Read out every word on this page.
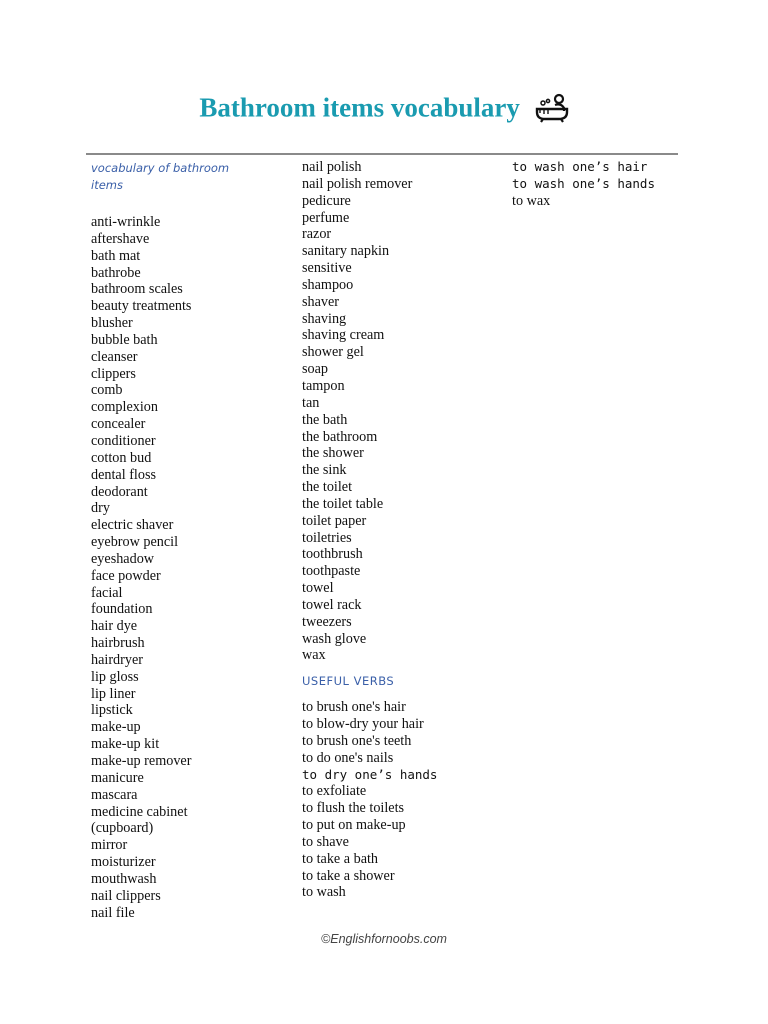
Bathroom items vocabulary
vocabulary of bathroom items
anti-wrinkle
aftershave
bath mat
bathrobe
bathroom scales
beauty treatments
blusher
bubble bath
cleanser
clippers
comb
complexion
concealer
conditioner
cotton bud
dental floss
deodorant
dry
electric shaver
eyebrow pencil
eyeshadow
face powder
facial
foundation
hair dye
hairbrush
hairdryer
lip gloss
lip liner
lipstick
make-up
make-up kit
make-up remover
manicure
mascara
medicine cabinet
(cupboard)
mirror
moisturizer
mouthwash
nail clippers
nail file
nail polish
nail polish remover
pedicure
perfume
razor
sanitary napkin
sensitive
shampoo
shaver
shaving
shaving cream
shower gel
soap
tampon
tan
the bath
the bathroom
the shower
the sink
the toilet
the toilet table
toilet paper
toiletries
toothbrush
toothpaste
towel
towel rack
tweezers
wash glove
wax
USEFUL VERBS
to brush one's hair
to blow-dry your hair
to brush one's teeth
to do one's nails
to dry one’s hands
to exfoliate
to flush the toilets
to put on make-up
to shave
to take a bath
to take a shower
to wash
to wash one’s hair
to wash one’s hands
to wax
©Englishfornoobs.com
